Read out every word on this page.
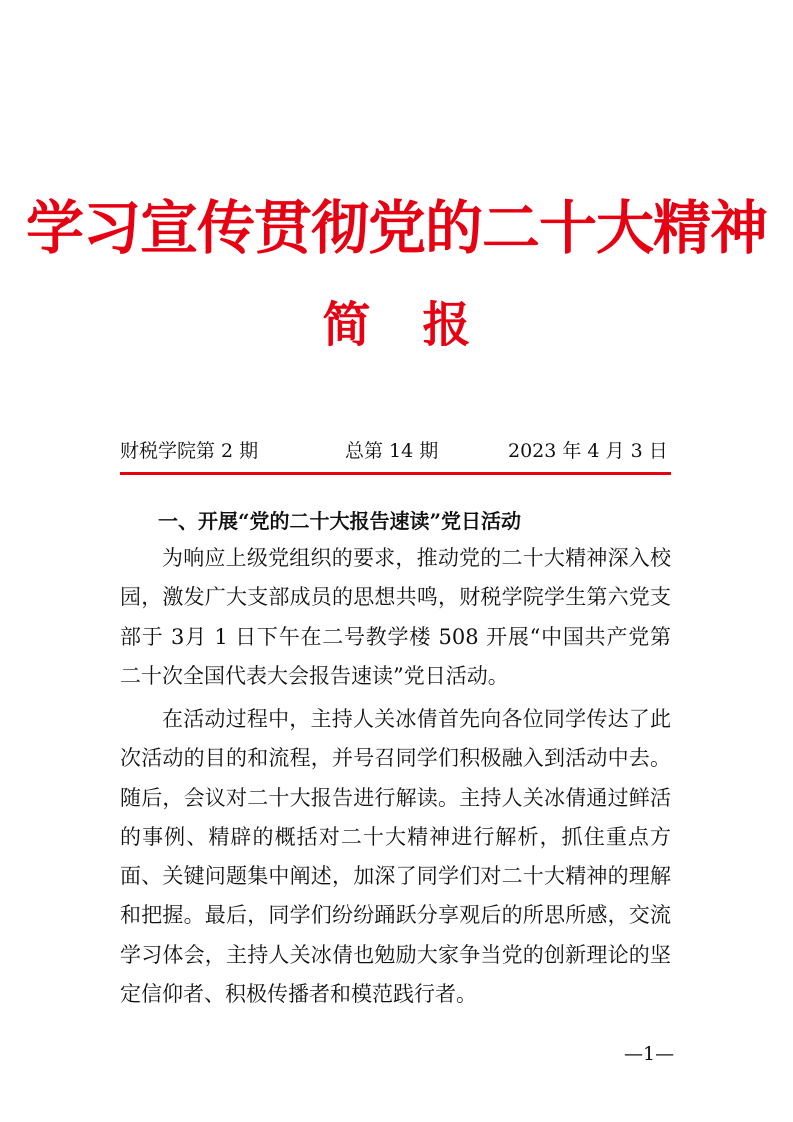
学习宣传贯彻党的二十大精神
简报
财税学院第 2 期	总第 14 期	2023 年 4 月 3 日
一、开展“党的二十大报告速读”党日活动

为响应上级党组织的要求，推动党的二十大精神深入校园，激发广大支部成员的思想共鸣，财税学院学生第六党支部于 3月 1 日下午在二号教学楼 508 开展“中国共产党第二十次全国代表大会报告速读”党日活动。

在活动过程中，主持人关冰倩首先向各位同学传达了此次活动的目的和流程，并号召同学们积极融入到活动中去。随后，会议对二十大报告进行解读。主持人关冰倩通过鲜活的事例、精辟的概括对二十大精神进行解析，抓住重点方面、关键问题集中阐述，加深了同学们对二十大精神的理解和把握。最后，同学们纷纷踊跃分享观后的所思所感，交流学习体会，主持人关冰倩也勉励大家争当党的创新理论的坚定信仰者、积极传播者和模范践行者。

—1—
